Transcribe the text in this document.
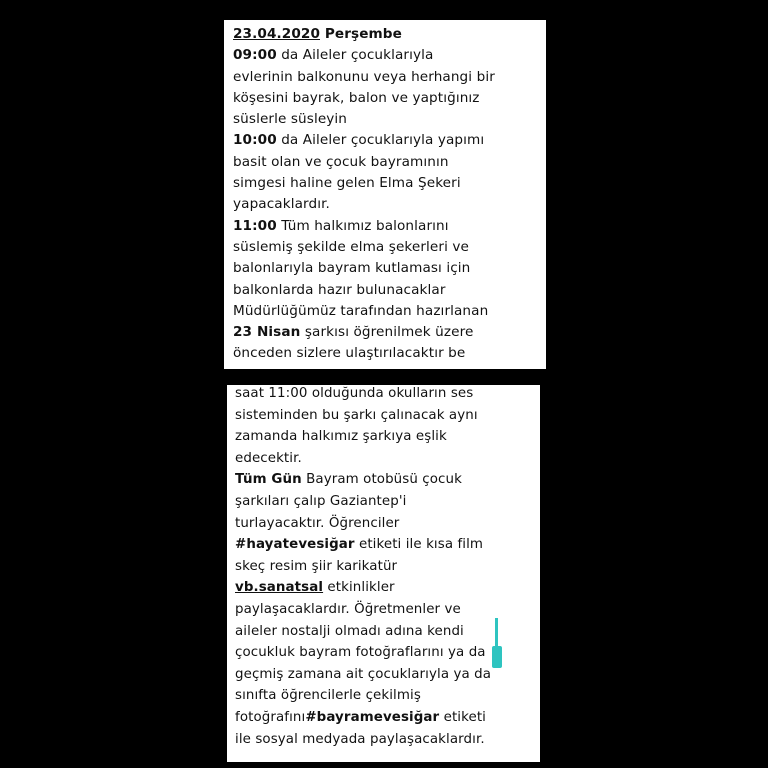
23.04.2020 Perşembe
09:00 da Aileler çocuklarıyla
evlerinin balkonunu veya herhangi bir
köşesini bayrak, balon ve yaptığınız
süslerle süsleyin
10:00 da Aileler çocuklarıyla yapımı
basit olan ve çocuk bayramının
simgesi haline gelen Elma Şekeri
yapacaklardır.
11:00 Tüm halkımız balonlarını
süslemiş şekilde elma şekerleri ve
balonlarıyla bayram kutlaması için
balkonlarda hazır bulunacaklar
Müdürlüğümüz tarafından hazırlanan
23 Nisan şarkısı öğrenilmek üzere
önceden sizlere ulaştırılacaktır be
saat 11:00 olduğunda okulların ses
sisteminden bu şarkı çalınacak aynı
zamanda halkımız şarkıya eşlik
edecektir.
Tüm Gün Bayram otobüsü çocuk
şarkıları çalıp Gaziantep'i
turlayacaktır. Öğrenciler
#hayatevesiğar etiketi ile kısa film
skeç resim şiir karikatür
vb.sanatsal etkinlikler
paylaşacaklardır. Öğretmenler ve
aileler nostalji olmadı adına kendi
çocukluk bayram fotoğraflarını ya da
geçmiş zamana ait çocuklarıyla ya da
sınıfta öğrencilerle çekilmiş
fotoğrafını#bayramevesiğar etiketi
ile sosyal medyada paylaşacaklardır.
